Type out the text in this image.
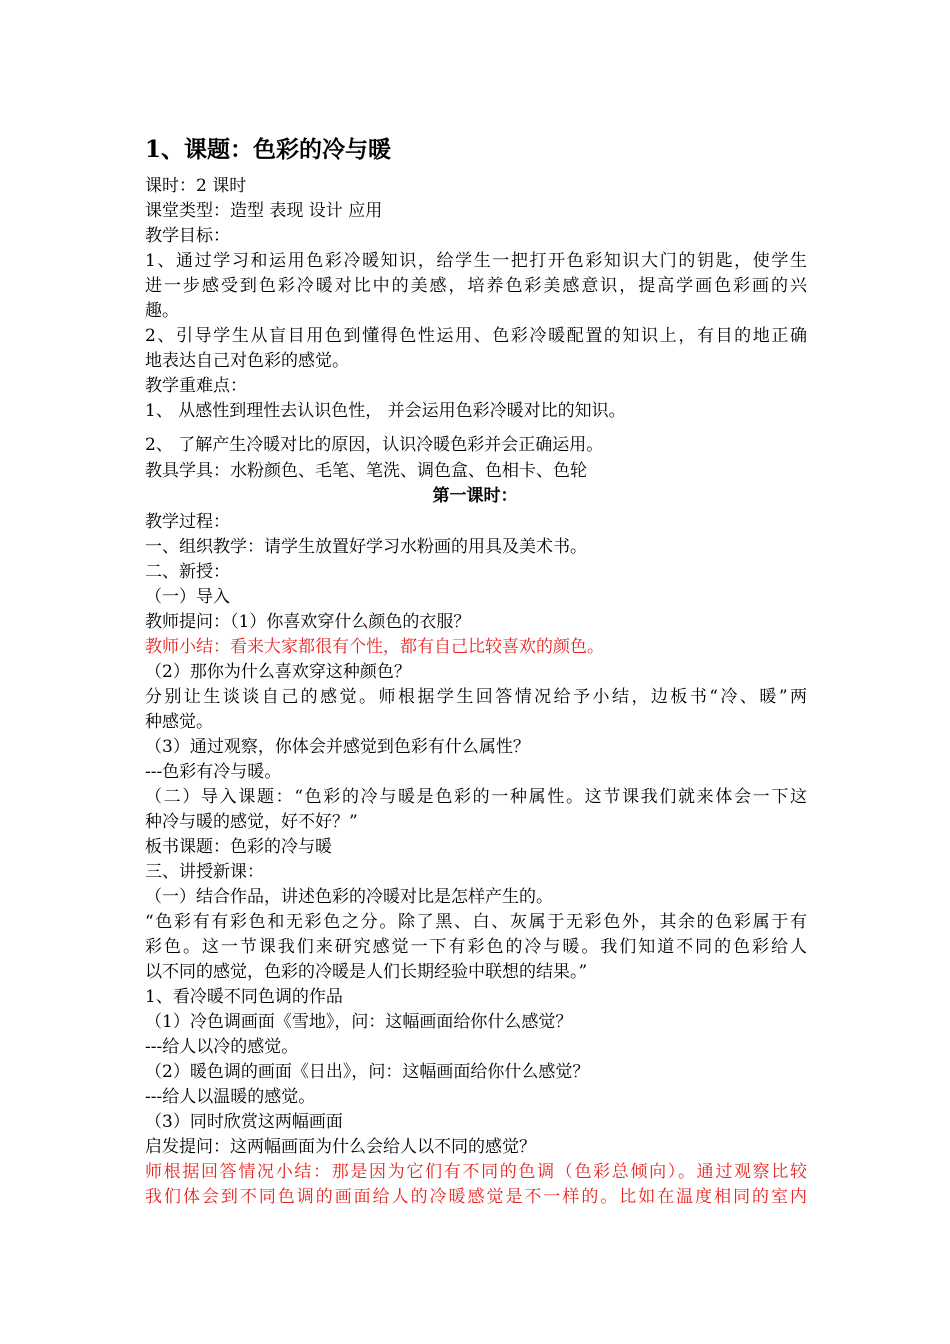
1、课题：色彩的冷与暖
课时：2 课时
课堂类型：造型 表现 设计 应用
教学目标：
1、通过学习和运用色彩冷暖知识，给学生一把打开色彩知识大门的钥匙，使学生
进一步感受到色彩冷暖对比中的美感，培养色彩美感意识，提高学画色彩画的兴
趣。
2、引导学生从盲目用色到懂得色性运用、色彩冷暖配置的知识上，有目的地正确
地表达自己对色彩的感觉。
教学重难点：
1、 从感性到理性去认识色性， 并会运用色彩冷暖对比的知识。
2、 了解产生冷暖对比的原因，认识冷暖色彩并会正确运用。
教具学具：水粉颜色、毛笔、笔洗、调色盒、色相卡、色轮
第一课时：
教学过程：
一、组织教学：请学生放置好学习水粉画的用具及美术书。
二、新授：
（一）导入
教师提问：（1）你喜欢穿什么颜色的衣服？
教师小结：看来大家都很有个性，都有自己比较喜欢的颜色。
（2）那你为什么喜欢穿这种颜色？
分别让生谈谈自己的感觉。师根据学生回答情况给予小结，边板书“冷、暖”两
种感觉。
（3）通过观察，你体会并感觉到色彩有什么属性？
---色彩有冷与暖。
（二）导入课题：“色彩的冷与暖是色彩的一种属性。这节课我们就来体会一下这
种冷与暖的感觉，好不好？”
板书课题：色彩的冷与暖
三、讲授新课：
（一）结合作品，讲述色彩的冷暖对比是怎样产生的。
“色彩有有彩色和无彩色之分。除了黑、白、灰属于无彩色外，其余的色彩属于有
彩色。这一节课我们来研究感觉一下有彩色的冷与暖。我们知道不同的色彩给人
以不同的感觉，色彩的冷暖是人们长期经验中联想的结果。”
1、看冷暖不同色调的作品
（1）冷色调画面《雪地》，问：这幅画面给你什么感觉？
---给人以冷的感觉。
（2）暖色调的画面《日出》，问：这幅画面给你什么感觉？
---给人以温暖的感觉。
（3）同时欣赏这两幅画面
启发提问：这两幅画面为什么会给人以不同的感觉？
师根据回答情况小结：那是因为它们有不同的色调（色彩总倾向）。通过观察比较
我们体会到不同色调的画面给人的冷暖感觉是不一样的。比如在温度相同的室内
